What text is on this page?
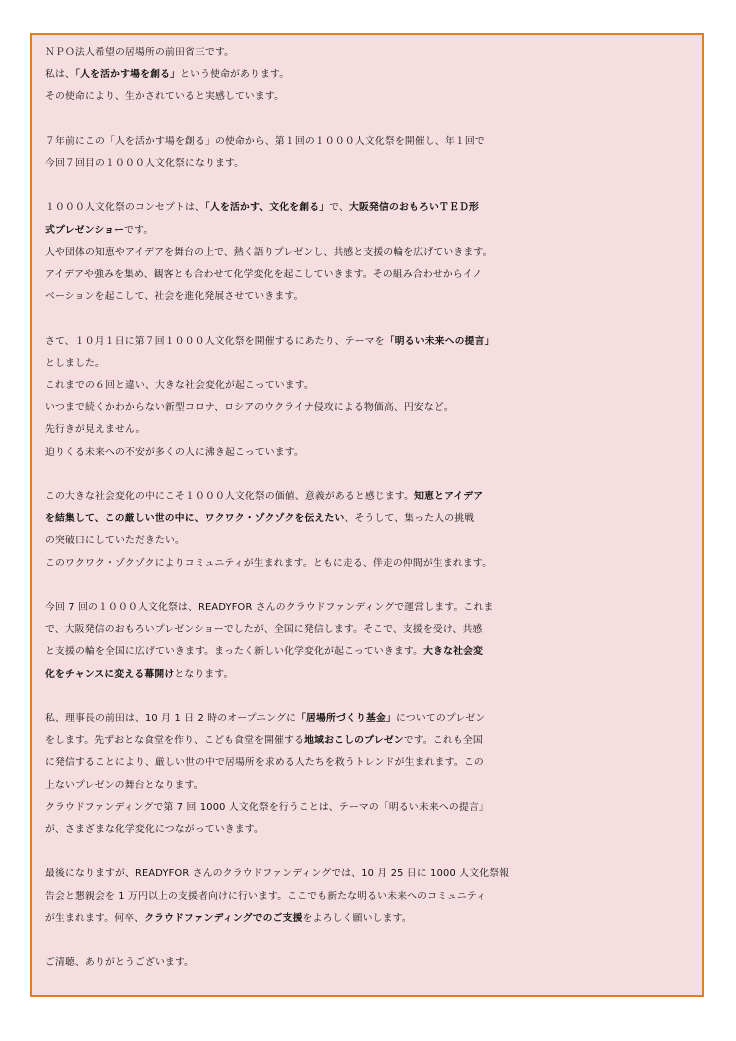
ＮＰＯ法人希望の居場所の前田省三です。
私は、「人を活かす場を創る」という使命があります。
その使命により、生かされていると実感しています。
７年前にこの「人を活かす場を創る」の使命から、第１回の１０００人文化祭を開催し、年１回で
今回７回目の１０００人文化祭になります。
１０００人文化祭のコンセプトは、「人を活かす、文化を創る」で、大阪発信のおもろいＴＥＤ形
式プレゼンショーです。
人や団体の知恵やアイデアを舞台の上で、熱く語りプレゼンし、共感と支援の輪を広げていきます。
アイデアや強みを集め、観客とも合わせて化学変化を起こしていきます。その組み合わせからイノ
ベーションを起こして、社会を進化発展させていきます。
さて、１０月１日に第７回１０００人文化祭を開催するにあたり、テーマを「明るい未来への提言」
としました。
これまでの６回と違い、大きな社会変化が起こっています。
いつまで続くかわからない新型コロナ、ロシアのウクライナ侵攻による物価高、円安など。
先行きが見えません。
迫りくる未来への不安が多くの人に沸き起こっています。
この大きな社会変化の中にこそ１０００人文化祭の価値、意義があると感じます。知恵とアイデア
を結集して、この厳しい世の中に、ワクワク・ゾクゾクを伝えたい、そうして、集った人の挑戦
の突破口にしていただきたい。
このワクワク・ゾクゾクによりコミュニティが生まれます。ともに走る、伴走の仲間が生まれます。
今回 7 回の１０００人文化祭は、READYFOR さんのクラウドファンディングで運営します。これま
で、大阪発信のおもろいプレゼンショーでしたが、全国に発信します。そこで、支援を受け、共感
と支援の輪を全国に広げていきます。まったく新しい化学変化が起こっていきます。大きな社会変
化をチャンスに変える幕開けとなります。
私、理事長の前田は、10 月 1 日 2 時のオープニングに「居場所づくり基金」についてのプレゼン
をします。先ずおとな食堂を作り、こども食堂を開催する地域おこしのプレゼンです。これも全国
に発信することにより、厳しい世の中で居場所を求める人たちを救うトレンドが生まれます。この
上ないプレゼンの舞台となります。
クラウドファンディングで第 7 回 1000 人文化祭を行うことは、テーマの「明るい未来への提言」
が、さまざまな化学変化につながっていきます。
最後になりますが、READYFOR さんのクラウドファンディングでは、10 月 25 日に 1000 人文化祭報
告会と懇親会を 1 万円以上の支援者向けに行います。ここでも新たな明るい未来へのコミュニティ
が生まれます。何卒、クラウドファンディングでのご支援をよろしく願いします。
ご清聴、ありがとうございます。
